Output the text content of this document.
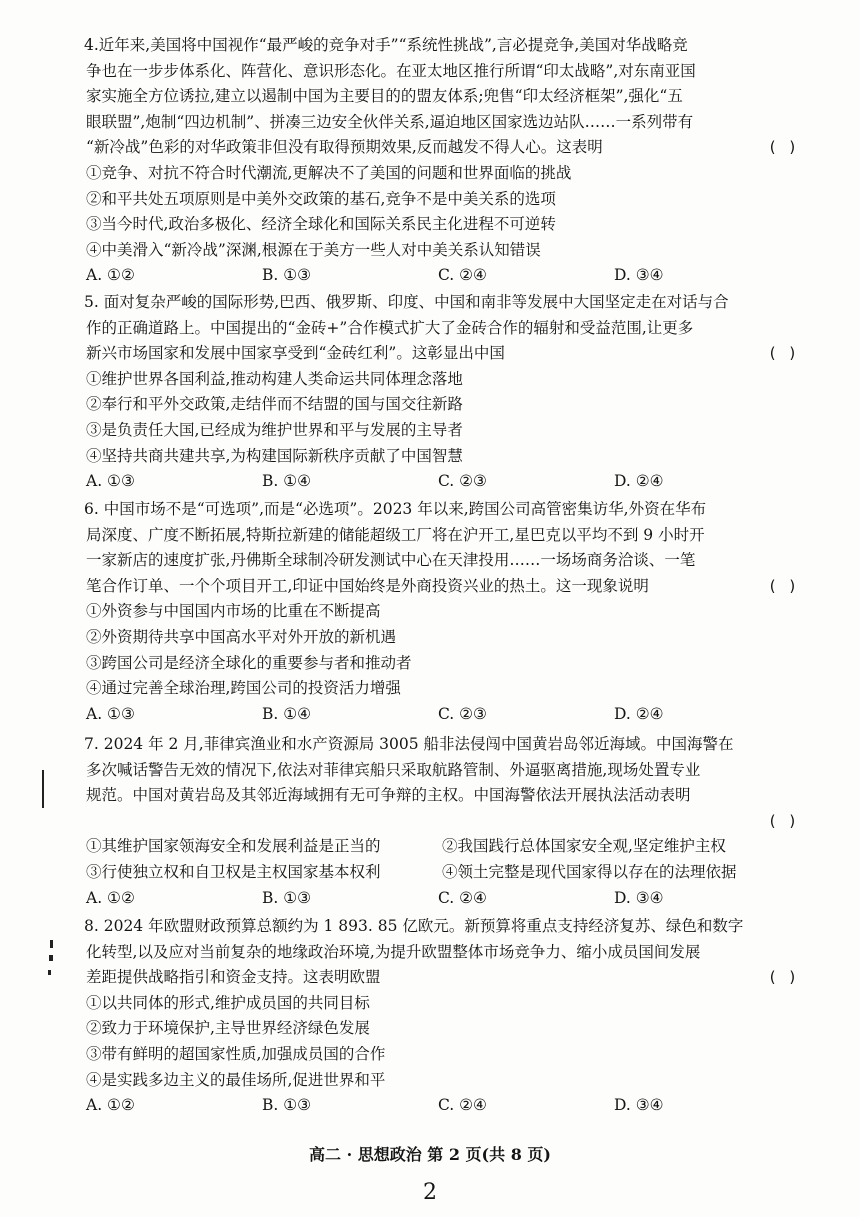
4.近年来,美国将中国视作“最严峻的竞争对手”“系统性挑战”,言必提竞争,美国对华战略竞
争也在一步步体系化、阵营化、意识形态化。在亚太地区推行所谓“印太战略”,对东南亚国
家实施全方位诱拉,建立以遏制中国为主要目的的盟友体系;兜售“印太经济框架”,强化“五
眼联盟”,炮制“四边机制”、拼凑三边安全伙伴关系,逼迫地区国家选边站队……一系列带有
“新冷战”色彩的对华政策非但没有取得预期效果,反而越发不得人心。这表明	( )
①竞争、对抗不符合时代潮流,更解决不了美国的问题和世界面临的挑战
②和平共处五项原则是中美外交政策的基石,竞争不是中美关系的选项
③当今时代,政治多极化、经济全球化和国际关系民主化进程不可逆转
④中美滑入“新冷战”深渊,根源在于美方一些人对中美关系认知错误
A. ①②	B. ①③	C. ②④	D. ③④
5. 面对复杂严峻的国际形势,巴西、俄罗斯、印度、中国和南非等发展中大国坚定走在对话与合
作的正确道路上。中国提出的“金砖+”合作模式扩大了金砖合作的辐射和受益范围,让更多
新兴市场国家和发展中国家享受到“金砖红利”。这彰显出中国	( )
①维护世界各国利益,推动构建人类命运共同体理念落地
②奉行和平外交政策,走结伴而不结盟的国与国交往新路
③是负责任大国,已经成为维护世界和平与发展的主导者
④坚持共商共建共享,为构建国际新秩序贡献了中国智慧
A. ①③	B. ①④	C. ②③	D. ②④
6. 中国市场不是“可选项”,而是“必选项”。2023 年以来,跨国公司高管密集访华,外资在华布
局深度、广度不断拓展,特斯拉新建的储能超级工厂将在沪开工,星巴克以平均不到 9 小时开
一家新店的速度扩张,丹佛斯全球制冷研发测试中心在天津投用……一场场商务洽谈、一笔
笔合作订单、一个个项目开工,印证中国始终是外商投资兴业的热土。这一现象说明	( )
①外资参与中国国内市场的比重在不断提高
②外资期待共享中国高水平对外开放的新机遇
③跨国公司是经济全球化的重要参与者和推动者
④通过完善全球治理,跨国公司的投资活力增强
A. ①③	B. ①④	C. ②③	D. ②④
7. 2024 年 2 月,菲律宾渔业和水产资源局 3005 船非法侵闯中国黄岩岛邻近海域。中国海警在
多次喊话警告无效的情况下,依法对菲律宾船只采取航路管制、外逼驱离措施,现场处置专业
规范。中国对黄岩岛及其邻近海域拥有无可争辩的主权。中国海警依法开展执法活动表明
( )
①其维护国家领海安全和发展利益是正当的	②我国践行总体国家安全观,坚定维护主权
③行使独立权和自卫权是主权国家基本权利	④领土完整是现代国家得以存在的法理依据
A. ①②	B. ①③	C. ②④	D. ③④
8. 2024 年欧盟财政预算总额约为 1 893. 85 亿欧元。新预算将重点支持经济复苏、绿色和数字
化转型,以及应对当前复杂的地缘政治环境,为提升欧盟整体市场竞争力、缩小成员国间发展
差距提供战略指引和资金支持。这表明欧盟	( )
①以共同体的形式,维护成员国的共同目标
②致力于环境保护,主导世界经济绿色发展
③带有鲜明的超国家性质,加强成员国的合作
④是实践多边主义的最佳场所,促进世界和平
A. ①②	B. ①③	C. ②④	D. ③④
高二 · 思想政治 第 2 页(共 8 页)
2
